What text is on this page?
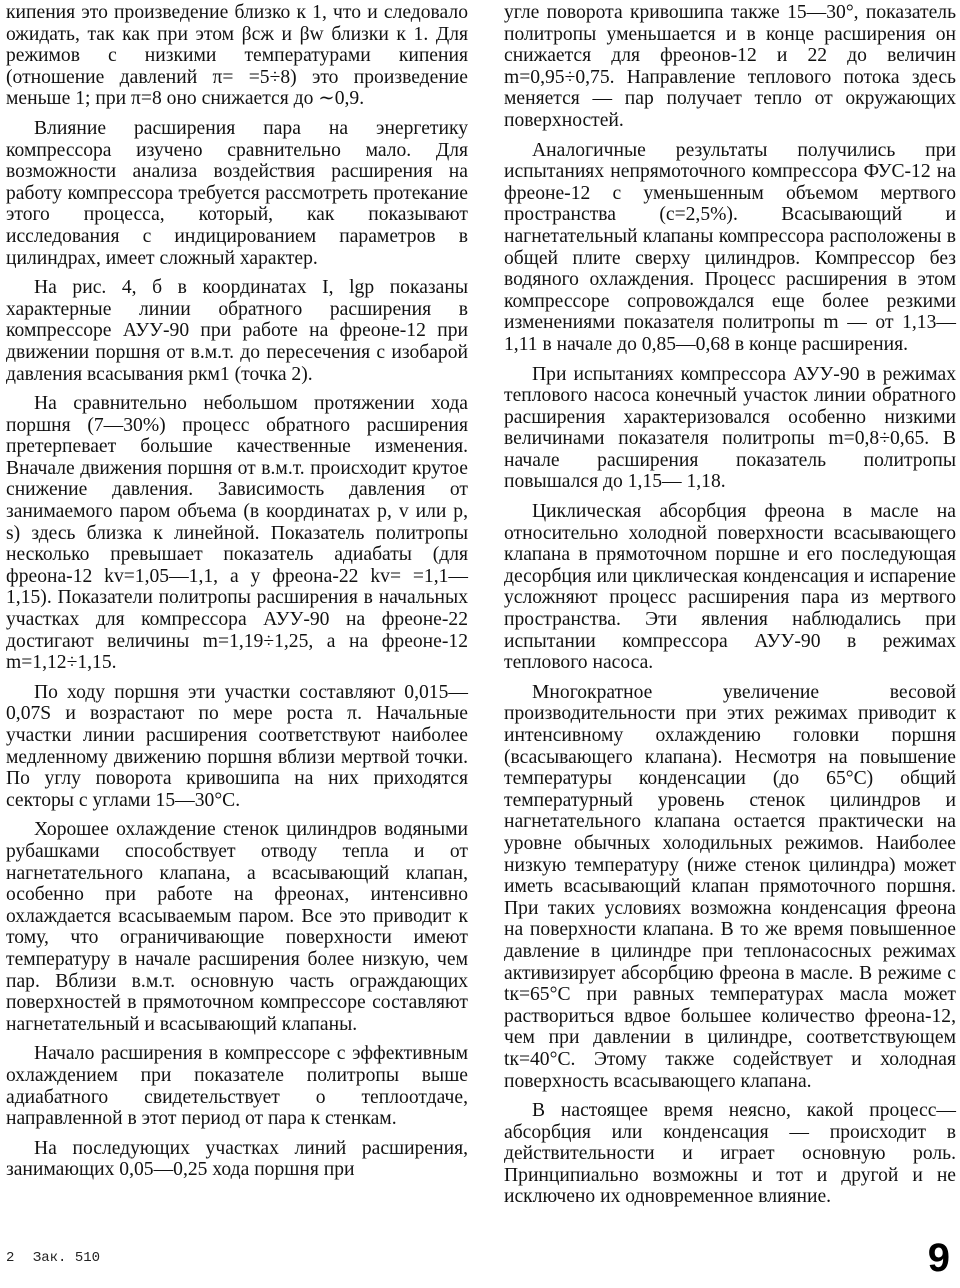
кипения это произведение близко к 1, что и следовало ожидать, так как при этом βсж и βw близки к 1. Для режимов с низкими температурами кипения (отношение давлений π= =5÷8) это произведение меньше 1; при π=8 оно снижается до ∼0,9.

Влияние расширения пара на энергетику компрессора изучено сравнительно мало. Для возможности анализа воздействия расширения на работу компрессора требуется рассмотреть протекание этого процесса, который, как показывают исследования с индицированием параметров в цилиндрах, имеет сложный характер.

На рис. 4, б в координатах I, lgp показаны характерные линии обратного расширения в компрессоре АУУ-90 при работе на фреоне-12 при движении поршня от в.м.т. до пересечения с изобарой давления всасывания pкм1 (точка 2).

На сравнительно небольшом протяжении хода поршня (7—30%) процесс обратного расширения претерпевает большие качественные изменения. Вначале движения поршня от в.м.т. происходит крутое снижение давления. Зависимость давления от занимаемого паром объема (в координатах p, v или p, s) здесь близка к линейной. Показатель политропы несколько превышает показатель адиабаты (для фреона-12 kv=1,05—1,1, а у фреона-22 kv= =1,1—1,15). Показатели политропы расширения в начальных участках для компрессора АУУ-90 на фреоне-22 достигают величины m=1,19÷1,25, а на фреоне-12 m=1,12÷1,15.

По ходу поршня эти участки составляют 0,015—0,07S и возрастают по мере роста π. Начальные участки линии расширения соответствуют наиболее медленному движению поршня вблизи мертвой точки. По углу поворота кривошипа на них приходятся секторы с углами 15—30°C.

Хорошее охлаждение стенок цилиндров водяными рубашками способствует отводу тепла и от нагнетательного клапана, а всасывающий клапан, особенно при работе на фреонах, интенсивно охлаждается всасываемым паром. Все это приводит к тому, что ограничивающие поверхности имеют температуру в начале расширения более низкую, чем пар. Вблизи в.м.т. основную часть ограждающих поверхностей в прямоточном компрессоре составляют нагнетательный и всасывающий клапаны.

Начало расширения в компрессоре с эффективным охлаждением при показателе политропы выше адиабатного свидетельствует о теплоотдаче, направленной в этот период от пара к стенкам.

На последующих участках линий расширения, занимающих 0,05—0,25 хода поршня при

угле поворота кривошипа также 15—30°, показатель политропы уменьшается и в конце расширения он снижается для фреонов-12 и 22 до величин m=0,95÷0,75. Направление теплового потока здесь меняется — пар получает тепло от окружающих поверхностей.

Аналогичные результаты получились при испытаниях непрямоточного компрессора ФУС-12 на фреоне-12 с уменьшенным объемом мертвого пространства (c=2,5%). Всасывающий и нагнетательный клапаны компрессора расположены в общей плите сверху цилиндров. Компрессор без водяного охлаждения. Процесс расширения в этом компрессоре сопровождался еще более резкими изменениями показателя политропы m — от 1,13—1,11 в начале до 0,85—0,68 в конце расширения.

При испытаниях компрессора АУУ-90 в режимах теплового насоса конечный участок линии обратного расширения характеризовался особенно низкими величинами показателя политропы m=0,8÷0,65. В начале расширения показатель политропы повышался до 1,15— 1,18.

Циклическая абсорбция фреона в масле на относительно холодной поверхности всасывающего клапана в прямоточном поршне и его последующая десорбция или циклическая конденсация и испарение усложняют процесс расширения пара из мертвого пространства. Эти явления наблюдались при испытании компрессора АУУ-90 в режимах теплового насоса.

Многократное увеличение весовой производительности при этих режимах приводит к интенсивному охлаждению головки поршня (всасывающего клапана). Несмотря на повышение температуры конденсации (до 65°C) общий температурный уровень стенок цилиндров и нагнетательного клапана остается практически на уровне обычных холодильных режимов. Наиболее низкую температуру (ниже стенок цилиндра) может иметь всасывающий клапан прямоточного поршня. При таких условиях возможна конденсация фреона на поверхности клапана. В то же время повышенное давление в цилиндре при теплонасосных режимах активизирует абсорбцию фреона в масле. В режиме с tк=65°C при равных температурах масла может раствориться вдвое большее количество фреона-12, чем при давлении в цилиндре, соответствующем tк=40°C. Этому также содействует и холодная поверхность всасывающего клапана.

В настоящее время неясно, какой процесс— абсорбция или конденсация — происходит в действительности и играет основную роль. Принципиально возможны и тот и другой и не исключено их одновременное влияние.

2 Зак. 510	9
